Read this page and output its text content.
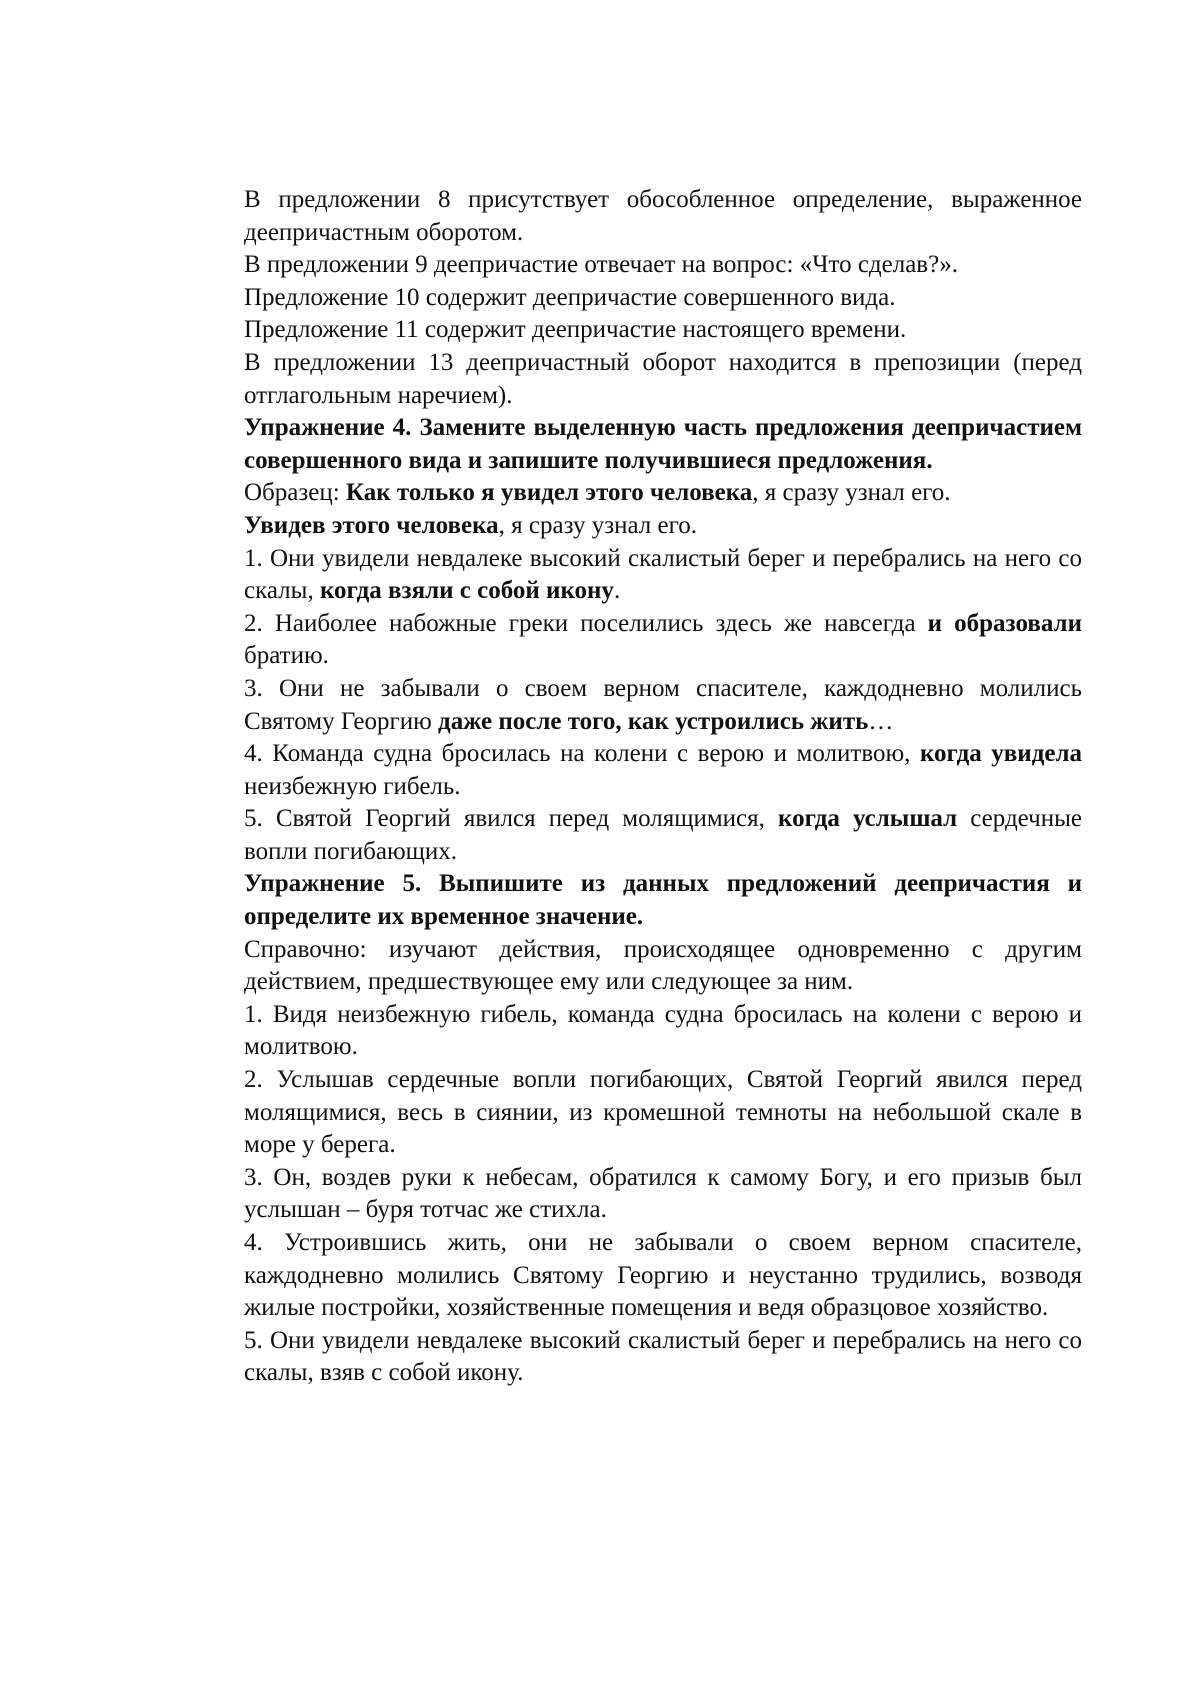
В предложении 8 присутствует обособленное определение, выраженное деепричастным оборотом.

В предложении 9 деепричастие отвечает на вопрос: «Что сделав?».

Предложение 10 содержит деепричастие совершенного вида.

Предложение 11 содержит деепричастие настоящего времени.

В предложении 13 деепричастный оборот находится в препозиции (перед отглагольным наречием).

Упражнение 4. Замените выделенную часть предложения деепричастием совершенного вида и запишите получившиеся предложения.

Образец: Как только я увидел этого человека, я сразу узнал его.

Увидев этого человека, я сразу узнал его.

1. Они увидели невдалеке высокий скалистый берег и перебрались на него со скалы, когда взяли с собой икону.

2. Наиболее набожные греки поселились здесь же навсегда и образовали братию.

3. Они не забывали о своем верном спасителе, каждодневно молились Святому Георгию даже после того, как устроились жить…

4. Команда судна бросилась на колени с верою и молитвою, когда увидела неизбежную гибель.

5. Святой Георгий явился перед молящимися, когда услышал сердечные вопли погибающих.

Упражнение 5. Выпишите из данных предложений деепричастия и определите их временное значение.

Справочно: изучают действия, происходящее одновременно с другим действием, предшествующее ему или следующее за ним.

1. Видя неизбежную гибель, команда судна бросилась на колени с верою и молитвою.

2. Услышав сердечные вопли погибающих, Святой Георгий явился перед молящимися, весь в сиянии, из кромешной темноты на небольшой скале в море у берега.

3. Он, воздев руки к небесам, обратился к самому Богу, и его призыв был услышан – буря тотчас же стихла.

4. Устроившись жить, они не забывали о своем верном спасителе, каждодневно молились Святому Георгию и неустанно трудились, возводя жилые постройки, хозяйственные помещения и ведя образцовое хозяйство.

5. Они увидели невдалеке высокий скалистый берег и перебрались на него со скалы, взяв с собой икону.
